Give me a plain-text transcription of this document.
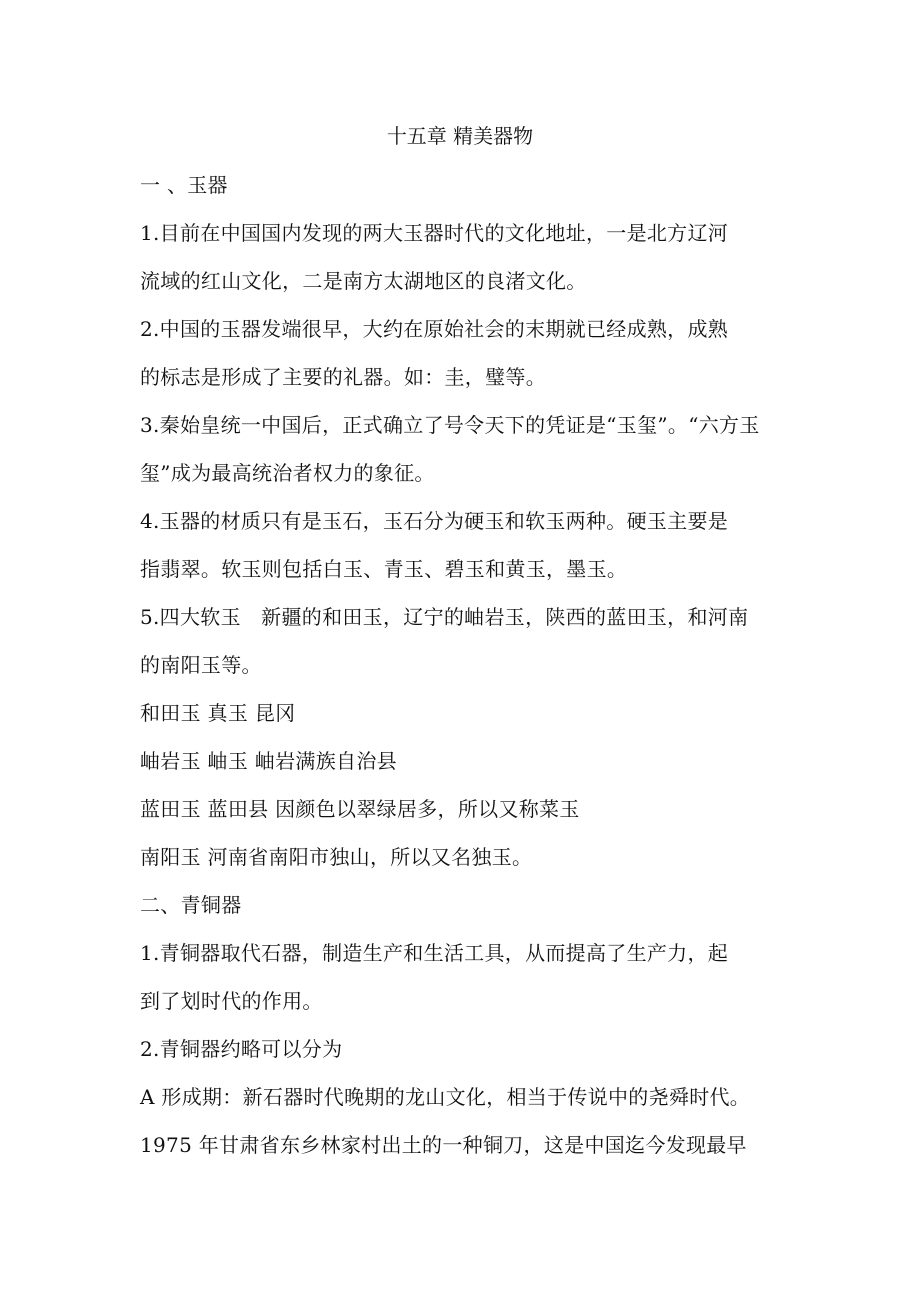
十五章 精美器物
一 、玉器
1.目前在中国国内发现的两大玉器时代的文化地址，一是北方辽河
流域的红山文化，二是南方太湖地区的良渚文化。
2.中国的玉器发端很早，大约在原始社会的末期就已经成熟，成熟
的标志是形成了主要的礼器。如：圭，璧等。
3.秦始皇统一中国后，正式确立了号令天下的凭证是“玉玺”。“六方玉
玺”成为最高统治者权力的象征。
4.玉器的材质只有是玉石，玉石分为硬玉和软玉两种。硬玉主要是
指翡翠。软玉则包括白玉、青玉、碧玉和黄玉，墨玉。
5.四大软玉　新疆的和田玉，辽宁的岫岩玉，陕西的蓝田玉，和河南
的南阳玉等。
和田玉 真玉 昆冈
岫岩玉 岫玉 岫岩满族自治县
蓝田玉 蓝田县 因颜色以翠绿居多，所以又称菜玉
南阳玉 河南省南阳市独山，所以又名独玉。
二、青铜器
1.青铜器取代石器，制造生产和生活工具，从而提高了生产力，起
到了划时代的作用。
2.青铜器约略可以分为
A 形成期：新石器时代晚期的龙山文化，相当于传说中的尧舜时代。
1975 年甘肃省东乡林家村出土的一种铜刀，这是中国迄今发现最早
